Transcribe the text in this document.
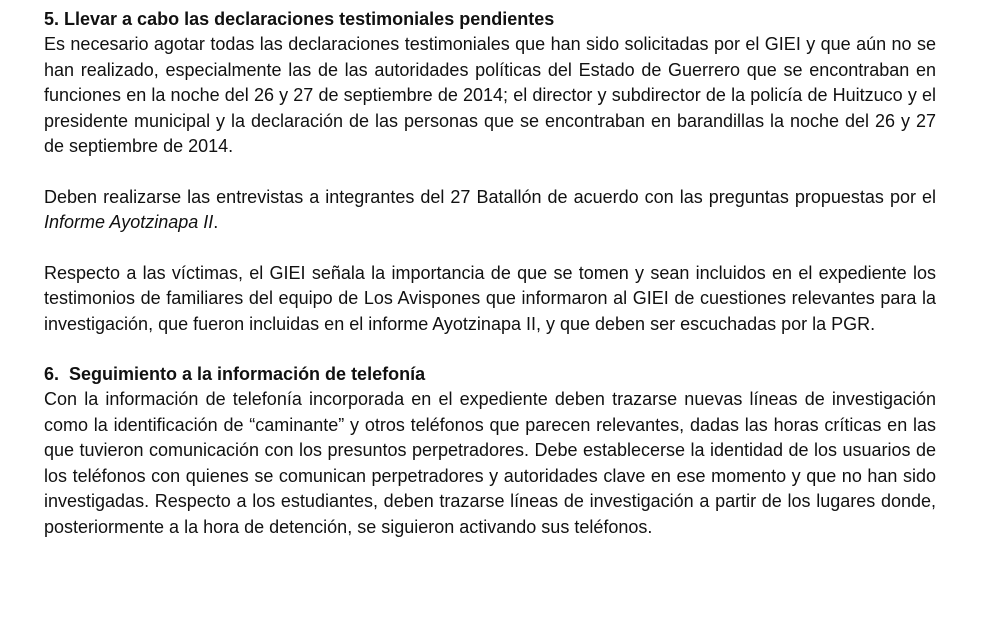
5. Llevar a cabo las declaraciones testimoniales pendientes

Es necesario agotar todas las declaraciones testimoniales que han sido solicitadas por el GIEI y que aún no se han realizado, especialmente las de las autoridades políticas del Estado de Guerrero que se encontraban en funciones en la noche del 26 y 27 de septiembre de 2014; el director y subdirector de la policía de Huitzuco y el presidente municipal y la declaración de las personas que se encontraban en barandillas la noche del 26 y 27 de septiembre de 2014.

Deben realizarse las entrevistas a integrantes del 27 Batallón de acuerdo con las preguntas propuestas por el Informe Ayotzinapa II.

Respecto a las víctimas, el GIEI señala la importancia de que se tomen y sean incluidos en el expediente los testimonios de familiares del equipo de Los Avispones que informaron al GIEI de cuestiones relevantes para la investigación, que fueron incluidas en el informe Ayotzinapa II, y que deben ser escuchadas por la PGR.

6.  Seguimiento a la información de telefonía

Con la información de telefonía incorporada en el expediente deben trazarse nuevas líneas de investigación como la identificación de “caminante” y otros teléfonos que parecen relevantes, dadas las horas críticas en las que tuvieron comunicación con los presuntos perpetradores. Debe establecerse la identidad de los usuarios de los teléfonos con quienes se comunican perpetradores y autoridades clave en ese momento y que no han sido investigadas. Respecto a los estudiantes, deben trazarse líneas de investigación a partir de los lugares donde, posteriormente a la hora de detención, se siguieron activando sus teléfonos.
